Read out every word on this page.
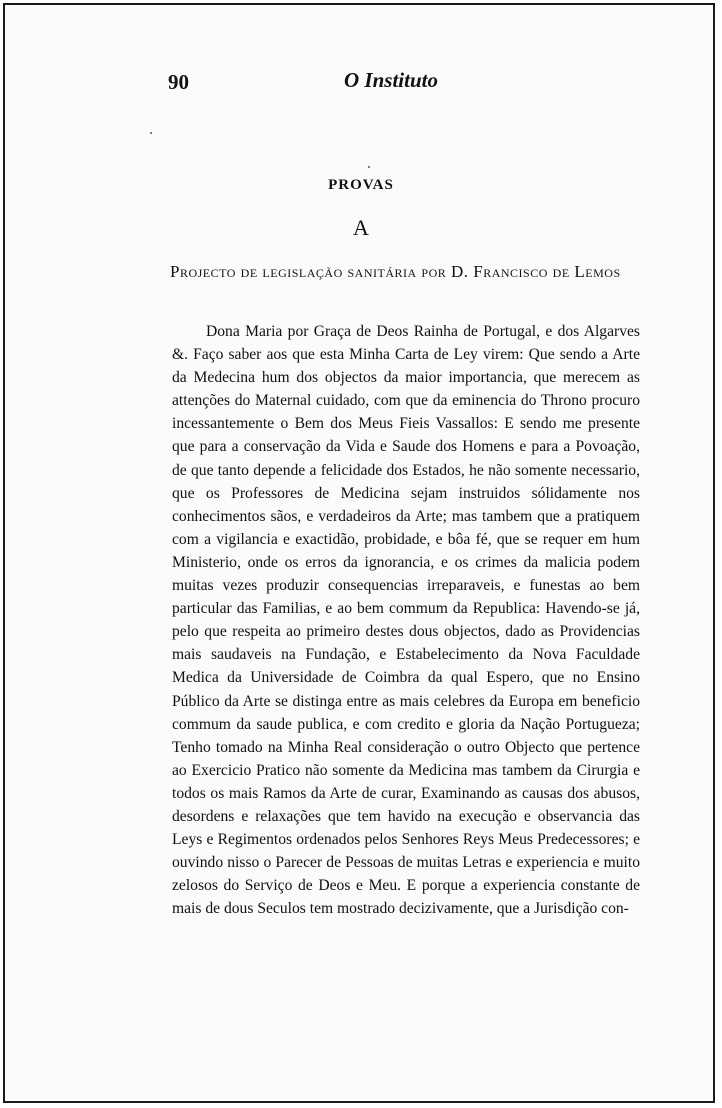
90	O Instituto
PROVAS
A
Projecto de legislação sanitária por D. Francisco de Lemos

Dona Maria por Graça de Deos Rainha de Portugal, e dos Algarves &. Faço saber aos que esta Minha Carta de Ley virem: Que sendo a Arte da Medecina hum dos objectos da maior importancia, que merecem as attenções do Maternal cuidado, com que da eminencia do Throno procuro incessantemente o Bem dos Meus Fieis Vassallos: E sendo me presente que para a conservação da Vida e Saude dos Homens e para a Povoação, de que tanto depende a felicidade dos Estados, he não somente necessario, que os Professores de Medicina sejam instruidos sólidamente nos conhecimentos sãos, e verdadeiros da Arte; mas tambem que a pratiquem com a vigilancia e exactidão, probidade, e bôa fé, que se requer em hum Ministerio, onde os erros da ignorancia, e os crimes da malicia podem muitas vezes produzir consequencias irreparaveis, e funestas ao bem particular das Familias, e ao bem commum da Republica: Havendo-se já, pelo que respeita ao primeiro destes dous objectos, dado as Providencias mais saudaveis na Fundação, e Estabelecimento da Nova Faculdade Medica da Universidade de Coimbra da qual Espero, que no Ensino Público da Arte se distinga entre as mais celebres da Europa em beneficio commum da saude publica, e com credito e gloria da Nação Portugueza; Tenho tomado na Minha Real consideração o outro Objecto que pertence ao Exercicio Pratico não somente da Medicina mas tambem da Cirurgia e todos os mais Ramos da Arte de curar, Examinando as causas dos abusos, desordens e relaxações que tem havido na execução e observancia das Leys e Regimentos ordenados pelos Senhores Reys Meus Predecessores; e ouvindo nisso o Parecer de Pessoas de muitas Letras e experiencia e muito zelosos do Serviço de Deos e Meu. E porque a experiencia constante de mais de dous Seculos tem mostrado decizivamente, que a Jurisdição con-
